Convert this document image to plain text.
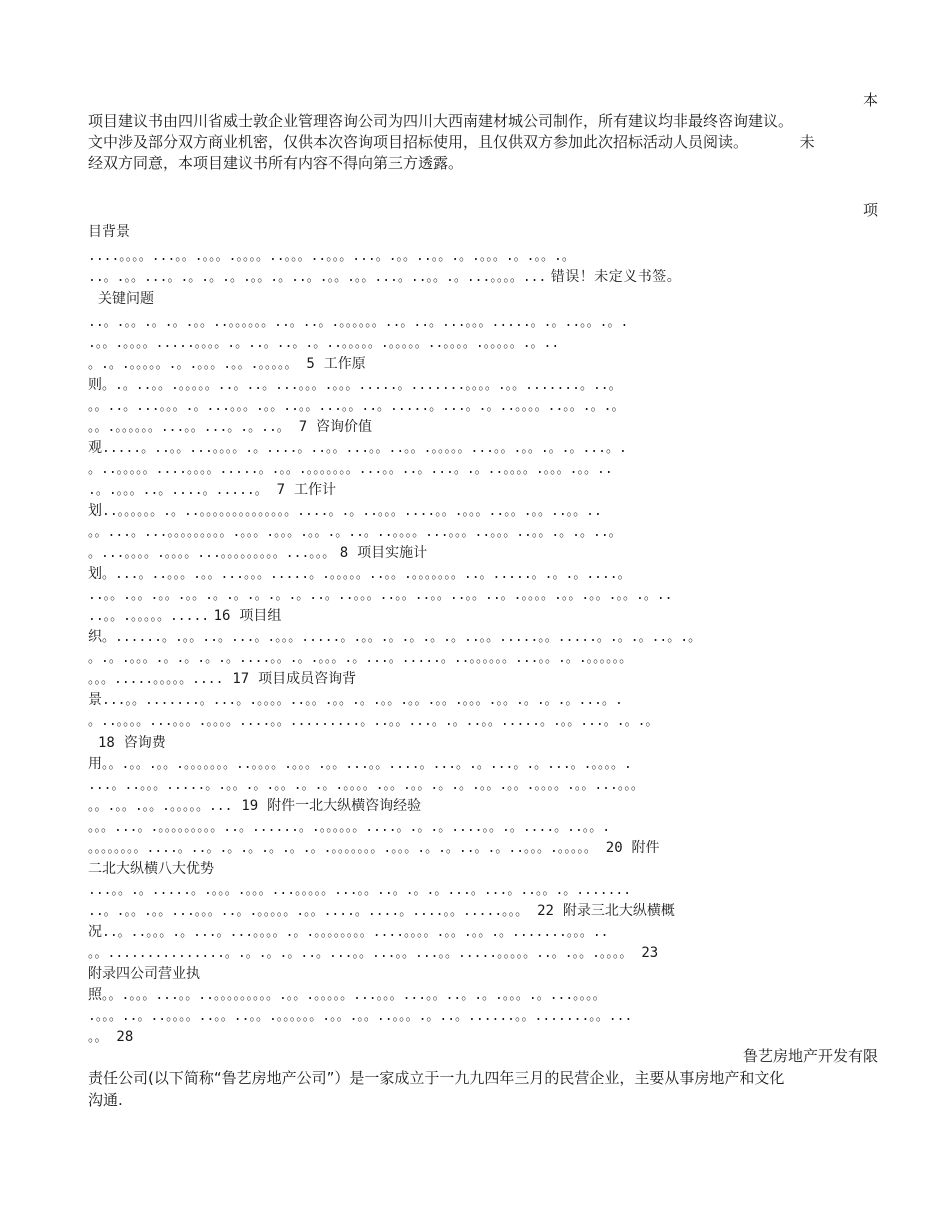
本
项目建议书由四川省威士敦企业管理咨询公司为四川大西南建材城公司制作，所有建议均非最终咨询建议。
文中涉及部分双方商业机密，仅供本次咨询项目招标使用，且仅供双方参加此次招标活动人员阅读。	未
经双方同意，本项目建议书所有内容不得向第三方透露。
项
目背景
....。。。。...。。.。。。.。。。。..。。。..。。。...。.。。..。。.。.。。。.。.。。.。
..。.。。...。.。.。.。.。。.。..。.。。.。。...。..。。.。...。。。。... 错误！未定义书签。
关键问题
..。.。。.。.。.。。..。。。。。。..。..。.。。。。。。..。..。...。。。.....。.。..。。.。.
.。。.。。。。.....。。。。.。..。..。.。..。。。。。.。。。。。..。。。。.。。。。。.。..
。.。.。。。。。.。.。。。.。。.。。。。。 5 工作原
则。.。..。。.。。。。。..。..。...。。。.。。。.....。.......。。。。.。。.......。..。
。。..。...。。。.。...。。。.。。..。。...。。..。.....。...。.。..。。。。..。。.。.。
。。.。。。。。。...。。...。.。..。 7 咨询价值
观.....。..。。...。。。。.。....。..。。...。。..。。.。。。。。...。。.。。.。.。...。.
。..。。。。。....。。。。.....。.。。.。。。。。。。...。。..。...。.。..。。。。.。。。.。。..
.。.。。。..。....。.....。 7 工作计
划..。。。。。。.。..。。。。。。。。。。。。。。....。.。..。。。....。。.。。。..。。.。。..。。..
。。...。...。。。。。。。。。.。。。.。。。.。。.。..。..。。。。...。。。..。。。..。。.。.。..。
。...。。。。.。。。。...。。。。。。。。。...。。。 8 项目实施计
划。...。..。。。.。。...。。。.....。.。。。。。..。。.。。。。。。。..。.....。.。.。....。
..。。.。。.。。.。。.。.。.。.。.。..。..。。。..。。..。。..。。..。.。。。。.。。.。。.。。.。..
..。。.。。。。。..... 16 项目组
织。......。.。。..。...。.。。。.....。.。。.。.。.。.。..。。.....。。.....。.。.。..。.。
。.。.。。。.。.。.。.。....。。.。.。。。.。...。.....。..。。。。。。...。。.。.。。。。。。
。。。.....。。。。。.... 17 项目成员咨询背
景...。。.......。...。.。。。。..。。.。。.。.。。.。。.。。.。。。.。。.。.。.。...。.
。..。。。。...。。。.。。。。....。。.........。..。。...。.。..。。.....。.。。...。.。.。
18 咨询费
用。。.。。.。。.。。。。。。。..。。。。.。。。.。。...。。....。...。.。...。.。...。.。。。。.
...。..。。。.....。.。。.。.。。.。.。.。。。。.。。.。。.。.。.。。.。。.。。。。.。。...。。。
。。.。。.。。.。。。。。... 19 附件一北大纵横咨询经验
。。。...。.。。。。。。。。。..。......。.。。。。。。....。.。.。....。。.。....。..。。.
。。。。。。。。....。..。.。.。.。.。.。.。。。。。。。.。。。.。.。..。.。..。。。.。。。。。 20 附件
二北大纵横八大优势
...。。.。.....。.。。。.。。。...。。。。。...。。..。.。.。...。...。..。。.。.......
..。.。。.。。...。。。..。.。。。。。.。。....。....。....。。.....。。。 22 附录三北大纵横概
况..。..。。。.。...。...。。。。.。.。。。。。。。。....。。。。.。。.。。.。.......。。。..
。。...............。.。.。.。..。...。。...。。...。。.....。。。。。..。.。。.。。。。 23
附录四公司营业执
照。。.。。。...。。..。。。。。。。。。.。。.。。。。。...。。。...。。..。.。.。。。.。...。。。。
.。。。..。..。。。。..。。..。。.。。。。。。.。。.。。..。。。.。..。......。。.......。。...
。。 28
鲁艺房地产开发有限
责任公司(以下简称“鲁艺房地产公司”）是一家成立于一九九四年三月的民营企业，主要从事房地产和文化
沟通.
